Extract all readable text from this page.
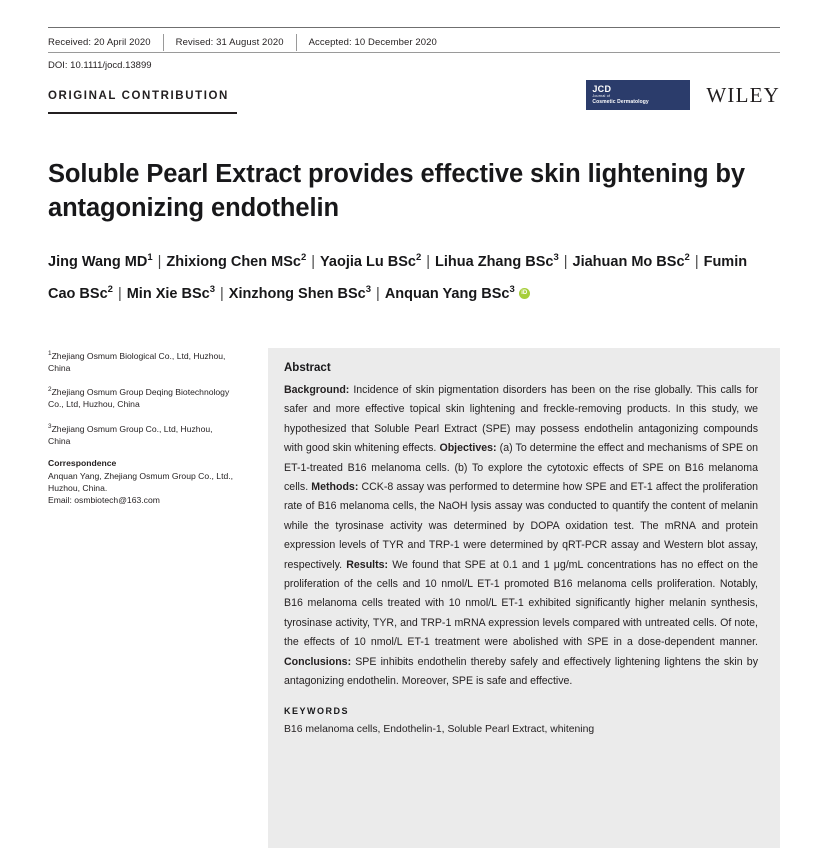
Received: 20 April 2020	Revised: 31 August 2020	Accepted: 10 December 2020
DOI: 10.1111/jocd.13899
ORIGINAL CONTRIBUTION
JCD
Journal of
Cosmetic Dermatology	WILEY
Soluble Pearl Extract provides effective skin lightening by antagonizing endothelin
Jing Wang $MD^1$ | Zhixiong Chen MSc$^2$ | Yaojia Lu BSc$^2$ | Lihua Zhang BSc$^3$ | Jiahuan Mo BSc$^2$ | Fumin Cao BSc$^2$ | Min Xie BSc$^3$ | Xinzhong Shen BSc$^3$ | Anquan Yang BSc$^3$iD

$^1$Zhejiang Osmum Biological Co., Ltd, Huzhou, China

$^2$Zhejiang Osmum Group Deqing Biotechnology Co., Ltd, Huzhou, China

$^3$Zhejiang Osmum Group Co., Ltd, Huzhou, China

Correspondence

Anquan Yang, Zhejiang Osmum Group Co., Ltd., Huzhou, China.

Email: osmbiotech@163.com

Abstract

Background: Incidence of skin pigmentation disorders has been on the rise globally. This calls for safer and more effective topical skin lightening and freckle-removing products. In this study, we hypothesized that Soluble Pearl Extract (SPE) may possess endothelin antagonizing compounds with good skin whitening effects. Objectives: (a) To determine the effect and mechanisms of SPE on ET-1-treated B16 melanoma cells. (b) To explore the cytotoxic effects of SPE on B16 melanoma cells. Methods: CCK-8 assay was performed to determine how SPE and ET-1 affect the proliferation rate of B16 melanoma cells, the NaOH lysis assay was conducted to quantify the content of melanin while the tyrosinase activity was determined by DOPA oxidation test. The mRNA and protein expression levels of TYR and TRP-1 were determined by qRT-PCR assay and Western blot assay, respectively. Results: We found that SPE at 0.1 and 1 μg/mL concentrations has no effect on the proliferation of the cells and 10 nmol/L ET-1 promoted B16 melanoma cells proliferation. Notably, B16 melanoma cells treated with 10 nmol/L ET-1 exhibited significantly higher melanin synthesis, tyrosinase activity, TYR, and TRP-1 mRNA expression levels compared with untreated cells. Of note, the effects of 10 nmol/L ET-1 treatment were abolished with SPE in a dose-dependent manner. Conclusions: SPE inhibits endothelin thereby safely and effectively lightening lightens the skin by antagonizing endothelin. Moreover, SPE is safe and effective.

KEYWORDS
B16 melanoma cells, Endothelin-1, Soluble Pearl Extract, whitening
